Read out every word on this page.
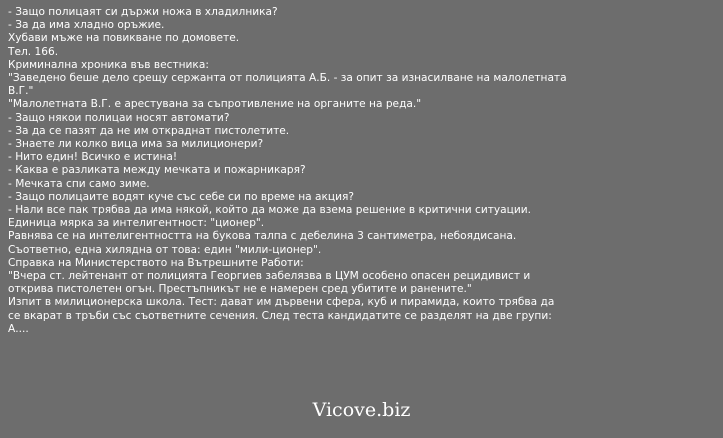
- Защо полицаят си държи ножа в хладилника?
- За да има хладно оръжие.
Хубави мъже на повикване по домовете.
Тел. 166.
Криминална хроника във вестника:
"Заведено беше дело срещу сержанта от полицията А.Б. - за опит за изнасилване на малолетната
В.Г."
"Малолетната В.Г. е арестувана за съпротивление на органите на реда."
- Защо някои полицаи носят автомати?
- За да се пазят да не им откраднат пистолетите.
- Знаете ли колко вица има за милиционери?
- Нито един! Всичко е истина!
- Каква е разликата между мечката и пожарникаря?
- Мечката спи само зиме.
- Защо полицаите водят куче със себе си по време на акция?
- Нали все пак трябва да има някой, който да може да взема решение в критични ситуации.
Единица мярка за интелигентност: "ционер".
Равнява се на интелигентността на букова талпа с дебелина 3 сантиметра, небоядисана.
Съответно, една хилядна от това: един "мили-ционер".
Справка на Министерството на Вътрешните Работи:
"Вчера ст. лейтенант от полицията Георгиев забелязва в ЦУМ особено опасен рецидивист и
открива пистолетен огън. Престъпникът не е намерен сред убитите и ранените."
Изпит в милиционерска школа. Тест: дават им дървени сфера, куб и пирамида, които трябва да
се вкарат в тръби със съответните сечения. След теста кандидатите се разделят на две групи:
А....
Vicove.biz
